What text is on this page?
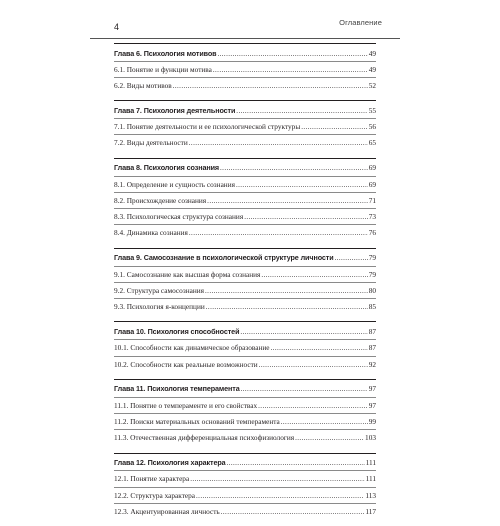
4	Оглавление
Глава 6. Психология мотивов .....	49
6.1. Понятие и функции мотива .....	49
6.2. Виды мотивов .....	52
Глава 7. Психология деятельности .....	55
7.1. Понятие деятельности и ее психологической структуры .....	56
7.2. Виды деятельности .....	65
Глава 8. Психология сознания .....	69
8.1. Определение и сущность сознания .....	69
8.2. Происхождение сознания .....	71
8.3. Психологическая структура сознания .....	73
8.4. Динамика сознания .....	76
Глава 9. Самосознание в психологической структуре личности .....	79
9.1. Самосознание как высшая форма сознания .....	79
9.2. Структура самосознания .....	80
9.3. Психология я-концепции .....	85
Глава 10. Психология способностей .....	87
10.1. Способности как динамическое образование .....	87
10.2. Способности как реальные возможности .....	92
Глава 11. Психология темперамента .....	97
11.1. Понятие о темпераменте и его свойствах .....	97
11.2. Поиски материальных оснований темперамента .....	99
11.3. Отечественная дифференциальная психофизиология .....	103
Глава 12. Психология характера .....	111
12.1. Понятие характера .....	111
12.2. Структура характера .....	113
12.3. Акцентуированная личность .....	117
